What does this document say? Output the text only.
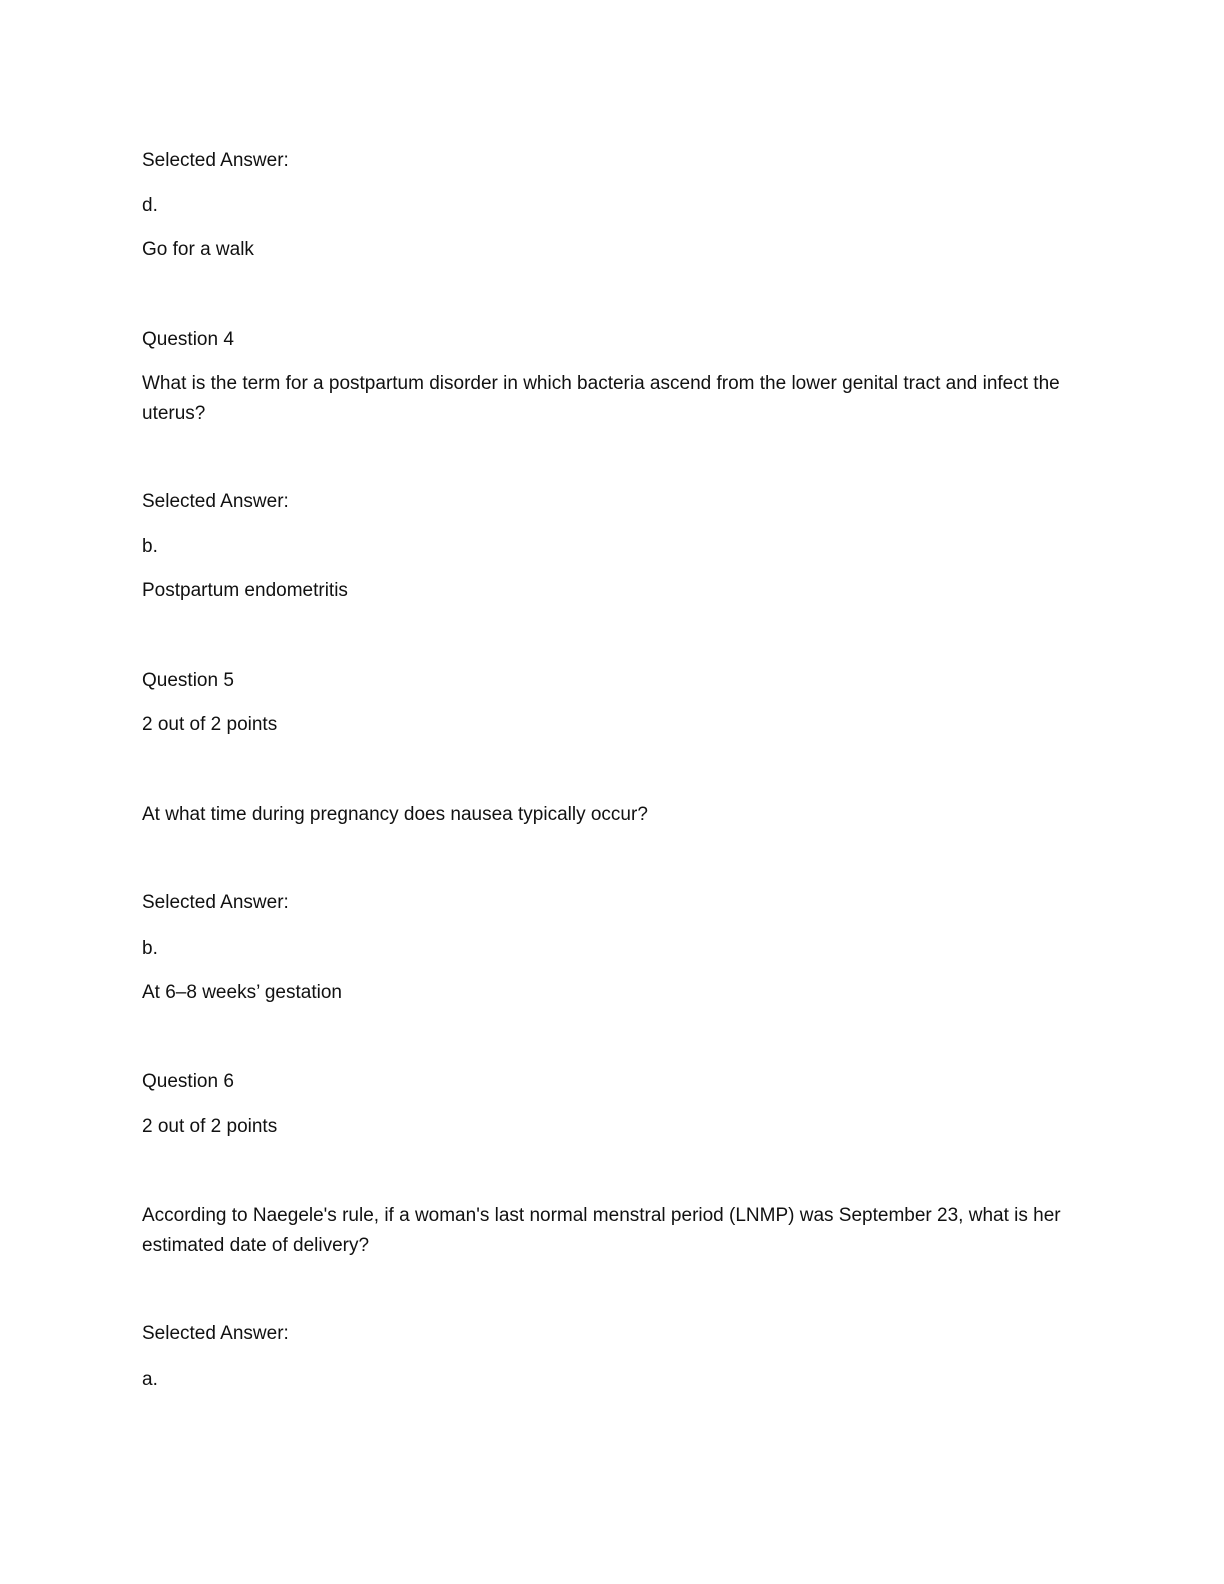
Selected Answer:
d.
Go for a walk
Question 4
What is the term for a postpartum disorder in which bacteria ascend from the lower genital tract and infect the uterus?
Selected Answer:
b.
Postpartum endometritis
Question 5
2 out of 2 points
At what time during pregnancy does nausea typically occur?
Selected Answer:
b.
At 6–8 weeks’ gestation
Question 6
2 out of 2 points
According to Naegele's rule, if a woman's last normal menstral period (LNMP) was September 23, what is her estimated date of delivery?
Selected Answer:
a.
